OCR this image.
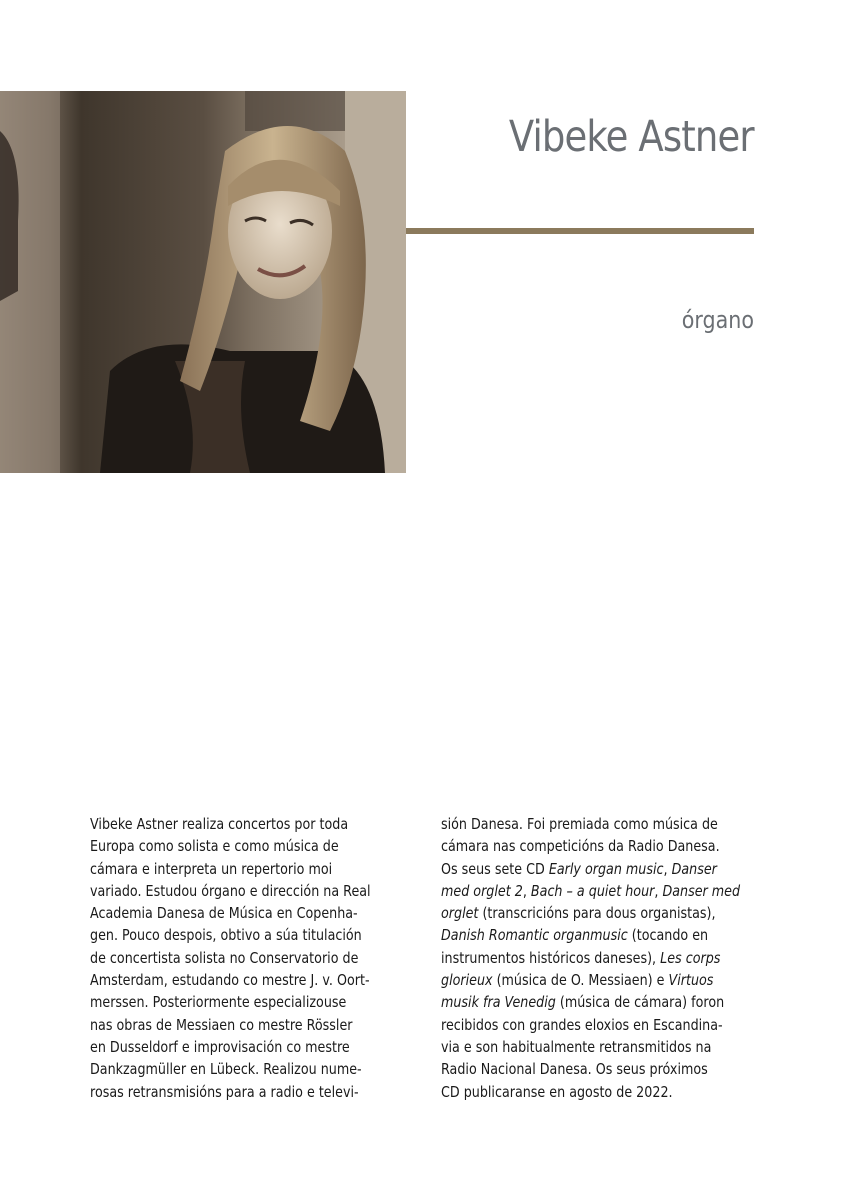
Vibeke Astner
órgano

Vibeke Astner realiza concertos por toda

Europa como solista e como música de

cámara e interpreta un repertorio moi

variado. Estudou órgano e dirección na Real

Academia Danesa de Música en Copenha-

gen. Pouco despois, obtivo a súa titulación

de concertista solista no Conservatorio de

Amsterdam, estudando co mestre J. v. Oort-

merssen. Posteriormente especializouse

nas obras de Messiaen co mestre Rössler

en Dusseldorf e improvisación co mestre

Dankzagmüller en Lübeck. Realizou nume-

rosas retransmisións para a radio e televi-

sión Danesa. Foi premiada como música de

cámara nas competicións da Radio Danesa.

Os seus sete CD Early organ music, Danser

med orglet 2, Bach – a quiet hour, Danser med

orglet (transcricións para dous organistas),

Danish Romantic organmusic (tocando en

instrumentos históricos daneses), Les corps

glorieux (música de O. Messiaen) e Virtuos

musik fra Venedig (música de cámara) foron

recibidos con grandes eloxios en Escandina-

via e son habitualmente retransmitidos na

Radio Nacional Danesa. Os seus próximos

CD publicaranse en agosto de 2022.
